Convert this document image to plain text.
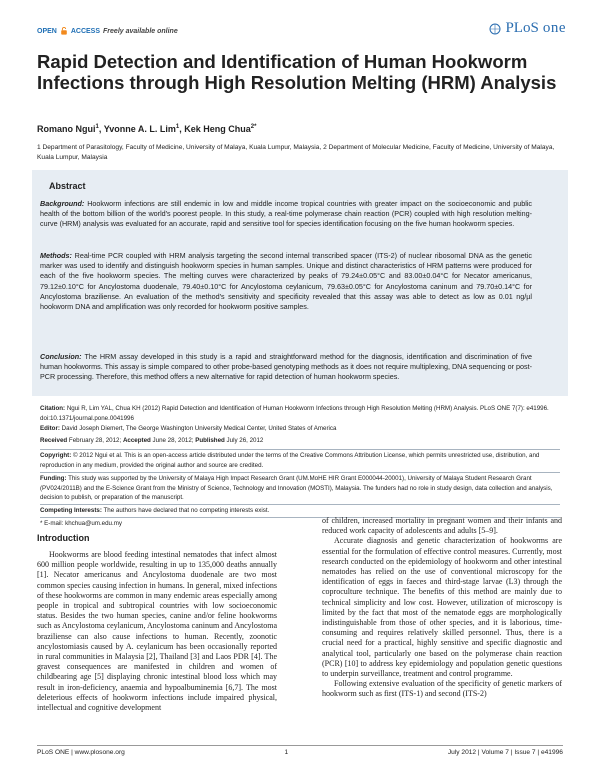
OPEN ACCESS Freely available online	PLoS one
Rapid Detection and Identification of Human Hookworm Infections through High Resolution Melting (HRM) Analysis
Romano Ngui$^1$, Yvonne A. L. Lim$^1$, Kek Heng Chua$^{2*}$
1 Department of Parasitology, Faculty of Medicine, University of Malaya, Kuala Lumpur, Malaysia, 2 Department of Molecular Medicine, Faculty of Medicine, University of Malaya, Kuala Lumpur, Malaysia
Abstract

Background: Hookworm infections are still endemic in low and middle income tropical countries with greater impact on the socioeconomic and public health of the bottom billion of the world's poorest people. In this study, a real-time polymerase chain reaction (PCR) coupled with high resolution melting-curve (HRM) analysis was evaluated for an accurate, rapid and sensitive tool for species identification focusing on the five human hookworm species.

Methods: Real-time PCR coupled with HRM analysis targeting the second internal transcribed spacer (ITS-2) of nuclear ribosomal DNA as the genetic marker was used to identify and distinguish hookworm species in human samples. Unique and distinct characteristics of HRM patterns were produced for each of the five hookworm species. The melting curves were characterized by peaks of 79.24±0.05°C and 83.00±0.04°C for Necator americanus, 79.12±0.10°C for Ancylostoma duodenale, 79.40±0.10°C for Ancylostoma ceylanicum, 79.63±0.05°C for Ancylostoma caninum and 79.70±0.14°C for Ancylostoma braziliense. An evaluation of the method's sensitivity and specificity revealed that this assay was able to detect as low as 0.01 ng/µl hookworm DNA and amplification was only recorded for hookworm positive samples.

Conclusion: The HRM assay developed in this study is a rapid and straightforward method for the diagnosis, identification and discrimination of five human hookworms. This assay is simple compared to other probe-based genotyping methods as it does not require multiplexing, DNA sequencing or post-PCR processing. Therefore, this method offers a new alternative for rapid detection of human hookworm species.

Citation: Ngui R, Lim YAL, Chua KH (2012) Rapid Detection and Identification of Human Hookworm Infections through High Resolution Melting (HRM) Analysis. PLoS ONE 7(7): e41996. doi:10.1371/journal.pone.0041996

Editor: David Joseph Diemert, The George Washington University Medical Center, United States of America

Received February 28, 2012; Accepted June 28, 2012; Published July 26, 2012

Copyright: © 2012 Ngui et al. This is an open-access article distributed under the terms of the Creative Commons Attribution License, which permits unrestricted use, distribution, and reproduction in any medium, provided the original author and source are credited.

Funding: This study was supported by the University of Malaya High Impact Research Grant (UM.MoHE HIR Grant E000044-20001), University of Malaya Student Research Grant (PV024/2011B) and the E-Science Grant from the Ministry of Science, Technology and Innovation (MOSTI), Malaysia. The funders had no role in study design, data collection and analysis, decision to publish, or preparation of the manuscript.

Competing Interests: The authors have declared that no competing interests exist.

* E-mail: khchua@um.edu.my

Introduction

Hookworms are blood feeding intestinal nematodes that infect almost 600 million people worldwide, resulting in up to 135,000 deaths annually [1]. Necator americanus and Ancylostoma duodenale are two most common species causing infection in humans. In general, mixed infections of these hookworms are common in many endemic areas especially among people in tropical and subtropical countries with low socioeconomic status. Besides the two human species, canine and/or feline hookworms such as Ancylostoma ceylanicum, Ancylostoma caninum and Ancylostoma braziliense can also cause infections to human. Recently, zoonotic ancylostomiasis caused by A. ceylanicum has been occasionally reported in rural communities in Malaysia [2], Thailand [3] and Laos PDR [4]. The gravest consequences are manifested in children and women of childbearing age [5] displaying chronic intestinal blood loss which may result in iron-deficiency, anaemia and hypoalbuminemia [6,7]. The most deleterious effects of hookworm infections include impaired physical, intellectual and cognitive development

of children, increased mortality in pregnant women and their infants and reduced work capacity of adolescents and adults [5–9].

Accurate diagnosis and genetic characterization of hookworms are essential for the formulation of effective control measures. Currently, most research conducted on the epidemiology of hookworm and other intestinal nematodes has relied on the use of conventional microscopy for the identification of eggs in faeces and third-stage larvae (L3) through the coproculture technique. The benefits of this method are mainly due to technical simplicity and low cost. However, utilization of microscopy is limited by the fact that most of the nematode eggs are morphologically indistinguishable from those of other species, and it is laborious, time-consuming and requires relatively skilled personnel. Thus, there is a crucial need for a practical, highly sensitive and specific diagnostic and analytical tool, particularly one based on the polymerase chain reaction (PCR) [10] to address key epidemiology and population genetic questions to underpin surveillance, treatment and control programme.

Following extensive evaluation of the specificity of genetic markers of hookworm such as first (ITS-1) and second (ITS-2)

PLoS ONE | www.plosone.org	1	July 2012 | Volume 7 | Issue 7 | e41996
